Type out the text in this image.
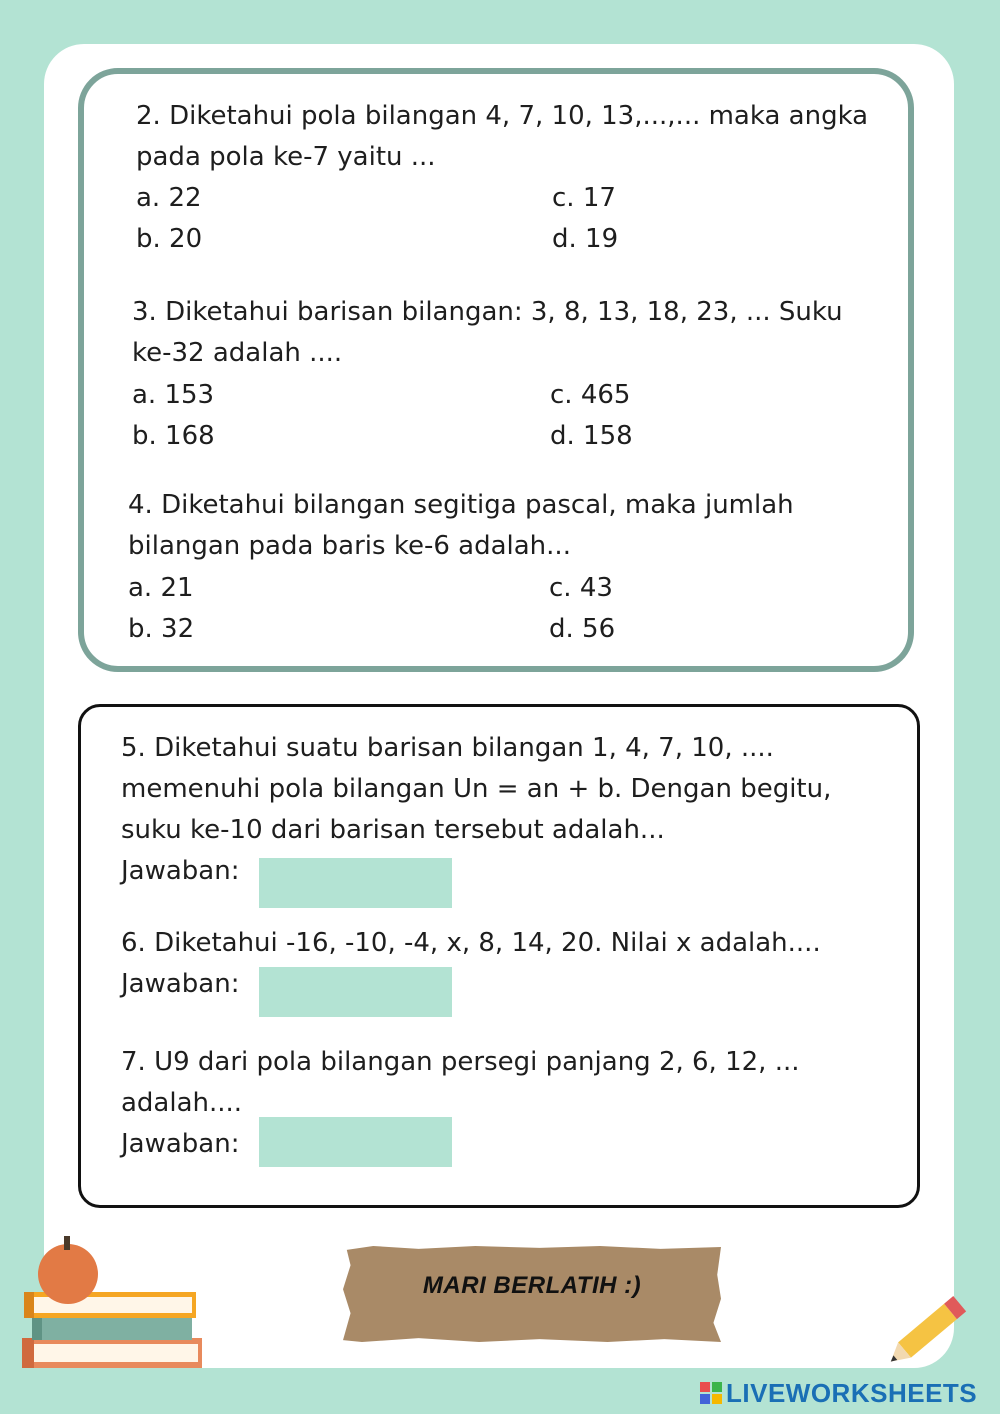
2. Diketahui pola bilangan 4, 7, 10, 13,...,... maka angka
pada pola ke-7 yaitu ...
a. 22
b. 20
c. 17
d. 19
3. Diketahui barisan bilangan: 3, 8, 13, 18, 23, ... Suku
ke-32 adalah ....
a. 153
b. 168
c. 465
d. 158
4. Diketahui bilangan segitiga pascal, maka jumlah
bilangan pada baris ke-6 adalah...
a. 21
b. 32
c. 43
d. 56
5. Diketahui suatu barisan bilangan 1, 4, 7, 10, ....
memenuhi pola bilangan Un = an + b. Dengan begitu,
suku ke-10 dari barisan tersebut adalah...
Jawaban:
6. Diketahui -16, -10, -4, x, 8, 14, 20. Nilai x adalah....
Jawaban:
7. U9 dari pola bilangan persegi panjang 2, 6, 12, ...
adalah....
Jawaban:
MARI BERLATIH :)
LIVEWORKSHEETS
